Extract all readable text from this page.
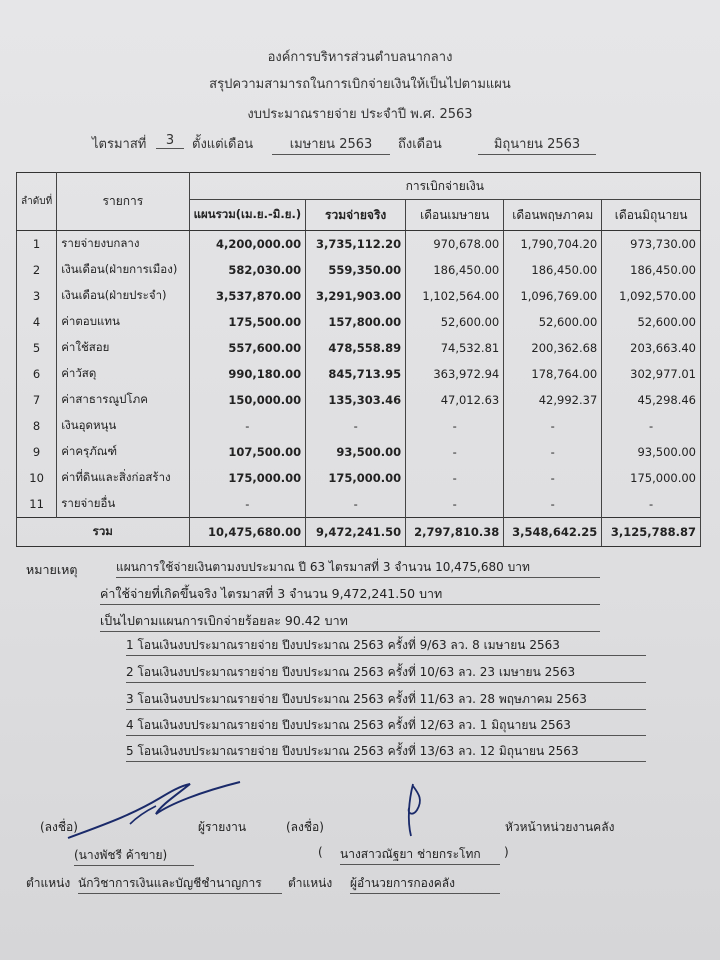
องค์การบริหารส่วนตำบลนากลาง
สรุปความสามารถในการเบิกจ่ายเงินให้เป็นไปตามแผน
งบประมาณรายจ่าย ประจำปี พ.ศ. 2563
ไตรมาสที่	3	ตั้งแต่เดือน	เมษายน 2563	ถึงเดือน	มิถุนายน 2563
ลำดับที่	รายการ	การเบิกจ่ายเงิน				
		แผนรวม(เม.ย.-มิ.ย.)	รวมจ่ายจริง	เดือนเมษายน	เดือนพฤษภาคม	เดือนมิถุนายน
1	รายจ่ายงบกลาง	4,200,000.00	3,735,112.20	970,678.00	1,790,704.20	973,730.00
2	เงินเดือน(ฝ่ายการเมือง)	582,030.00	559,350.00	186,450.00	186,450.00	186,450.00
3	เงินเดือน(ฝ่ายประจำ)	3,537,870.00	3,291,903.00	1,102,564.00	1,096,769.00	1,092,570.00
4	ค่าตอบแทน	175,500.00	157,800.00	52,600.00	52,600.00	52,600.00
5	ค่าใช้สอย	557,600.00	478,558.89	74,532.81	200,362.68	203,663.40
6	ค่าวัสดุ	990,180.00	845,713.95	363,972.94	178,764.00	302,977.01
7	ค่าสาธารณูปโภค	150,000.00	135,303.46	47,012.63	42,992.37	45,298.46
8	เงินอุดหนุน	-	-	-	-	-
9	ค่าครุภัณฑ์	107,500.00	93,500.00	-	-	93,500.00
10	ค่าที่ดินและสิ่งก่อสร้าง	175,000.00	175,000.00	-	-	175,000.00
11	รายจ่ายอื่น	-	-	-	-	-
รวม		10,475,680.00	9,472,241.50	2,797,810.38	3,548,642.25	3,125,788.87
หมายเหตุ	แผนการใช้จ่ายเงินตามงบประมาณ ปี 63 ไตรมาสที่ 3 จำนวน 10,475,680 บาท
ค่าใช้จ่ายที่เกิดขึ้นจริง ไตรมาสที่ 3 จำนวน 9,472,241.50 บาท
เป็นไปตามแผนการเบิกจ่ายร้อยละ 90.42 บาท
1 โอนเงินงบประมาณรายจ่าย ปีงบประมาณ 2563 ครั้งที่ 9/63 ลว. 8 เมษายน 2563
2 โอนเงินงบประมาณรายจ่าย ปีงบประมาณ 2563 ครั้งที่ 10/63 ลว. 23 เมษายน 2563
3 โอนเงินงบประมาณรายจ่าย ปีงบประมาณ 2563 ครั้งที่ 11/63 ลว. 28 พฤษภาคม 2563
4 โอนเงินงบประมาณรายจ่าย ปีงบประมาณ 2563 ครั้งที่ 12/63 ลว. 1 มิถุนายน 2563
5 โอนเงินงบประมาณรายจ่าย ปีงบประมาณ 2563 ครั้งที่ 13/63 ลว. 12 มิถุนายน 2563
(ลงชื่อ)	ผู้รายงาน
(นางพัชรี ค้าขาย)
ตำแหน่ง นักวิชาการเงินและบัญชีชำนาญการ
(ลงชื่อ)	หัวหน้าหน่วยงานคลัง
( นางสาวณัฐยา ช่ายกระโทก	)
ตำแหน่ง ผู้อำนวยการกองคลัง
